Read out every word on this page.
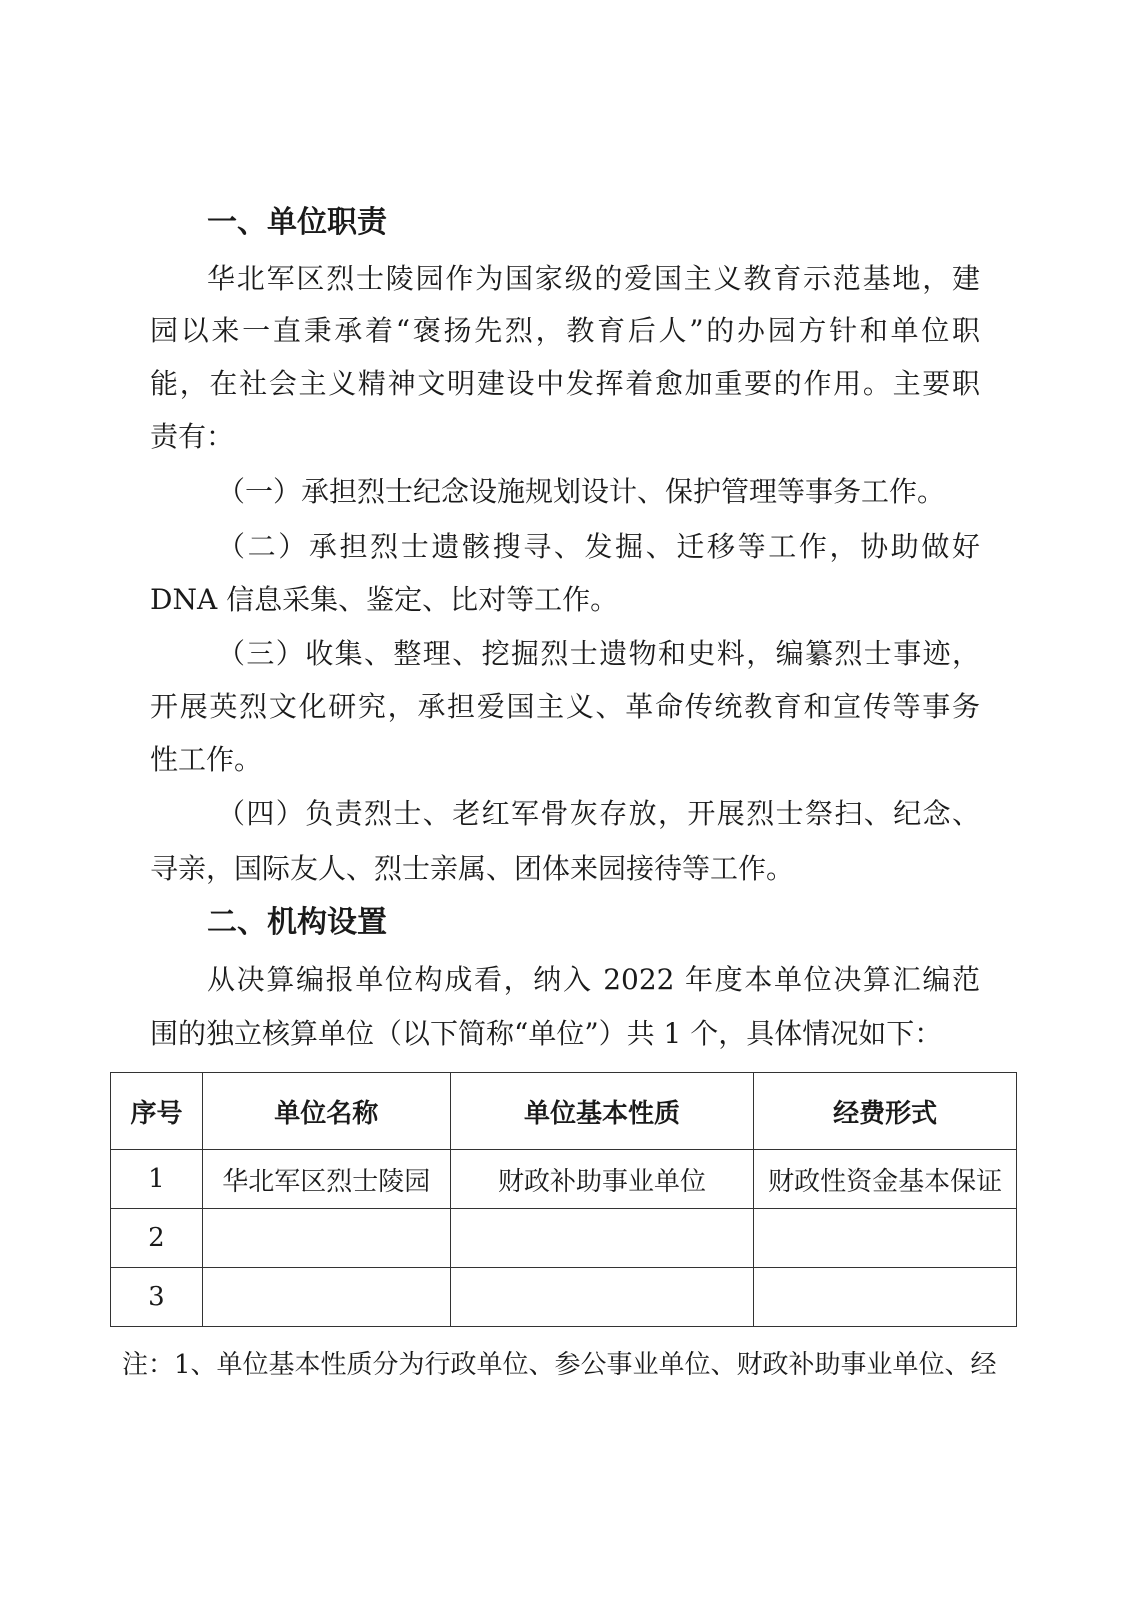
一、单位职责

华北军区烈士陵园作为国家级的爱国主义教育示范基地，建

园以来一直秉承着“褒扬先烈，教育后人”的办园方针和单位职

能，在社会主义精神文明建设中发挥着愈加重要的作用。主要职

责有：

（一）承担烈士纪念设施规划设计、保护管理等事务工作。

（二）承担烈士遗骸搜寻、发掘、迁移等工作，协助做好

DNA 信息采集、鉴定、比对等工作。

（三）收集、整理、挖掘烈士遗物和史料，编纂烈士事迹，

开展英烈文化研究，承担爱国主义、革命传统教育和宣传等事务

性工作。

（四）负责烈士、老红军骨灰存放，开展烈士祭扫、纪念、

寻亲，国际友人、烈士亲属、团体来园接待等工作。

二、机构设置

从决算编报单位构成看，纳入 2022 年度本单位决算汇编范

围的独立核算单位（以下简称“单位”）共 1 个，具体情况如下：

序号	单位名称	单位基本性质	经费形式
1	华北军区烈士陵园	财政补助事业单位	财政性资金基本保证
2			
3			

注：1、单位基本性质分为行政单位、参公事业单位、财政补助事业单位、经
